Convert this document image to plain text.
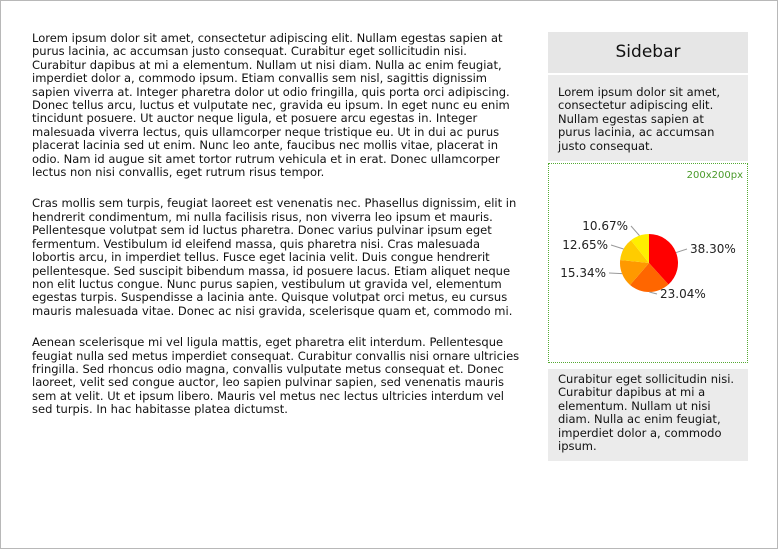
Lorem ipsum dolor sit amet, consectetur adipiscing elit. Nullam egestas sapien at purus lacinia, ac accumsan justo consequat. Curabitur eget sollicitudin nisi. Curabitur dapibus at mi a elementum. Nullam ut nisi diam. Nulla ac enim feugiat, imperdiet dolor a, commodo ipsum. Etiam convallis sem nisl, sagittis dignissim sapien viverra at. Integer pharetra dolor ut odio fringilla, quis porta orci adipiscing. Donec tellus arcu, luctus et vulputate nec, gravida eu ipsum. In eget nunc eu enim tincidunt posuere. Ut auctor neque ligula, et posuere arcu egestas in. Integer malesuada viverra lectus, quis ullamcorper neque tristique eu. Ut in dui ac purus placerat lacinia sed ut enim. Nunc leo ante, faucibus nec mollis vitae, placerat in odio. Nam id augue sit amet tortor rutrum vehicula et in erat. Donec ullamcorper lectus non nisi convallis, eget rutrum risus tempor.

Cras mollis sem turpis, feugiat laoreet est venenatis nec. Phasellus dignissim, elit in hendrerit condimentum, mi nulla facilisis risus, non viverra leo ipsum et mauris. Pellentesque volutpat sem id luctus pharetra. Donec varius pulvinar ipsum eget fermentum. Vestibulum id eleifend massa, quis pharetra nisi. Cras malesuada lobortis arcu, in imperdiet tellus. Fusce eget lacinia velit. Duis congue hendrerit pellentesque. Sed suscipit bibendum massa, id posuere lacus. Etiam aliquet neque non elit luctus congue. Nunc purus sapien, vestibulum ut gravida vel, elementum egestas turpis. Suspendisse a lacinia ante. Quisque volutpat orci metus, eu cursus mauris malesuada vitae. Donec ac nisi gravida, scelerisque quam et, commodo mi.

Aenean scelerisque mi vel ligula mattis, eget pharetra elit interdum. Pellentesque feugiat nulla sed metus imperdiet consequat. Curabitur convallis nisi ornare ultricies fringilla. Sed rhoncus odio magna, convallis vulputate metus consequat et. Donec laoreet, velit sed congue auctor, leo sapien pulvinar sapien, sed venenatis mauris sem at velit. Ut et ipsum libero. Mauris vel metus nec lectus ultricies interdum vel sed turpis. In hac habitasse platea dictumst.

Sidebar
Lorem ipsum dolor sit amet, consectetur adipiscing elit. Nullam egestas sapien at purus lacinia, ac accumsan justo consequat.
200x200px
38.30%
23.04%
15.34%
12.65%
10.67%
Curabitur eget sollicitudin nisi. Curabitur dapibus at mi a elementum. Nullam ut nisi diam. Nulla ac enim feugiat, imperdiet dolor a, commodo ipsum.
